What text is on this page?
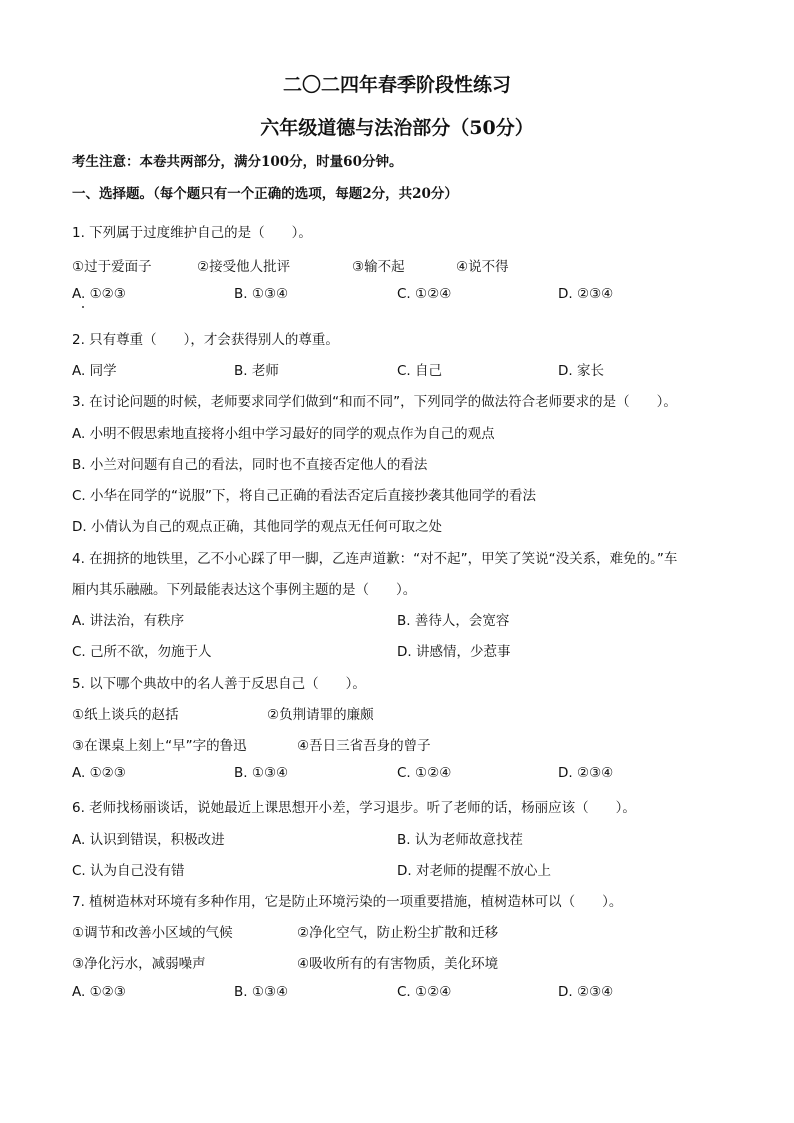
二〇二四年春季阶段性练习
六年级道德与法治部分（50分）
考生注意：本卷共两部分，满分100分，时量60分钟。
一、选择题。（每个题只有一个正确的选项，每题2分，共20分）
1. 下列属于过度维护自己的是（　　）。
①过于爱面子	②接受他人批评	③输不起	④说不得
A. ①②③	B. ①③④	C. ①②④	D. ②③④
2. 只有尊重（　　），才会获得别人的尊重。
A. 同学	B. 老师	C. 自己	D. 家长
3. 在讨论问题的时候，老师要求同学们做到“和而不同”，下列同学的做法符合老师要求的是（　　）。
A. 小明不假思索地直接将小组中学习最好的同学的观点作为自己的观点
B. 小兰对问题有自己的看法，同时也不直接否定他人的看法
C. 小华在同学的“说服”下，将自己正确的看法否定后直接抄袭其他同学的看法
D. 小倩认为自己的观点正确，其他同学的观点无任何可取之处
4. 在拥挤的地铁里，乙不小心踩了甲一脚，乙连声道歉：“对不起”，甲笑了笑说“没关系，难免的。”车
厢内其乐融融。下列最能表达这个事例主题的是（　　）。
A. 讲法治，有秩序	B. 善待人，会宽容
C. 己所不欲，勿施于人	D. 讲感情，少惹事
5. 以下哪个典故中的名人善于反思自己（　　）。
①纸上谈兵的赵括	②负荆请罪的廉颇
③在课桌上刻上“早”字的鲁迅	④吾日三省吾身的曾子
A. ①②③	B. ①③④	C. ①②④	D. ②③④
6. 老师找杨丽谈话，说她最近上课思想开小差，学习退步。听了老师的话，杨丽应该（　　）。
A. 认识到错误，积极改进	B. 认为老师故意找茬
C. 认为自己没有错	D. 对老师的提醒不放心上
7. 植树造林对环境有多种作用，它是防止环境污染的一项重要措施，植树造林可以（　　）。
①调节和改善小区域的气候	②净化空气，防止粉尘扩散和迁移
③净化污水，减弱噪声	④吸收所有的有害物质，美化环境
A. ①②③	B. ①③④	C. ①②④	D. ②③④
